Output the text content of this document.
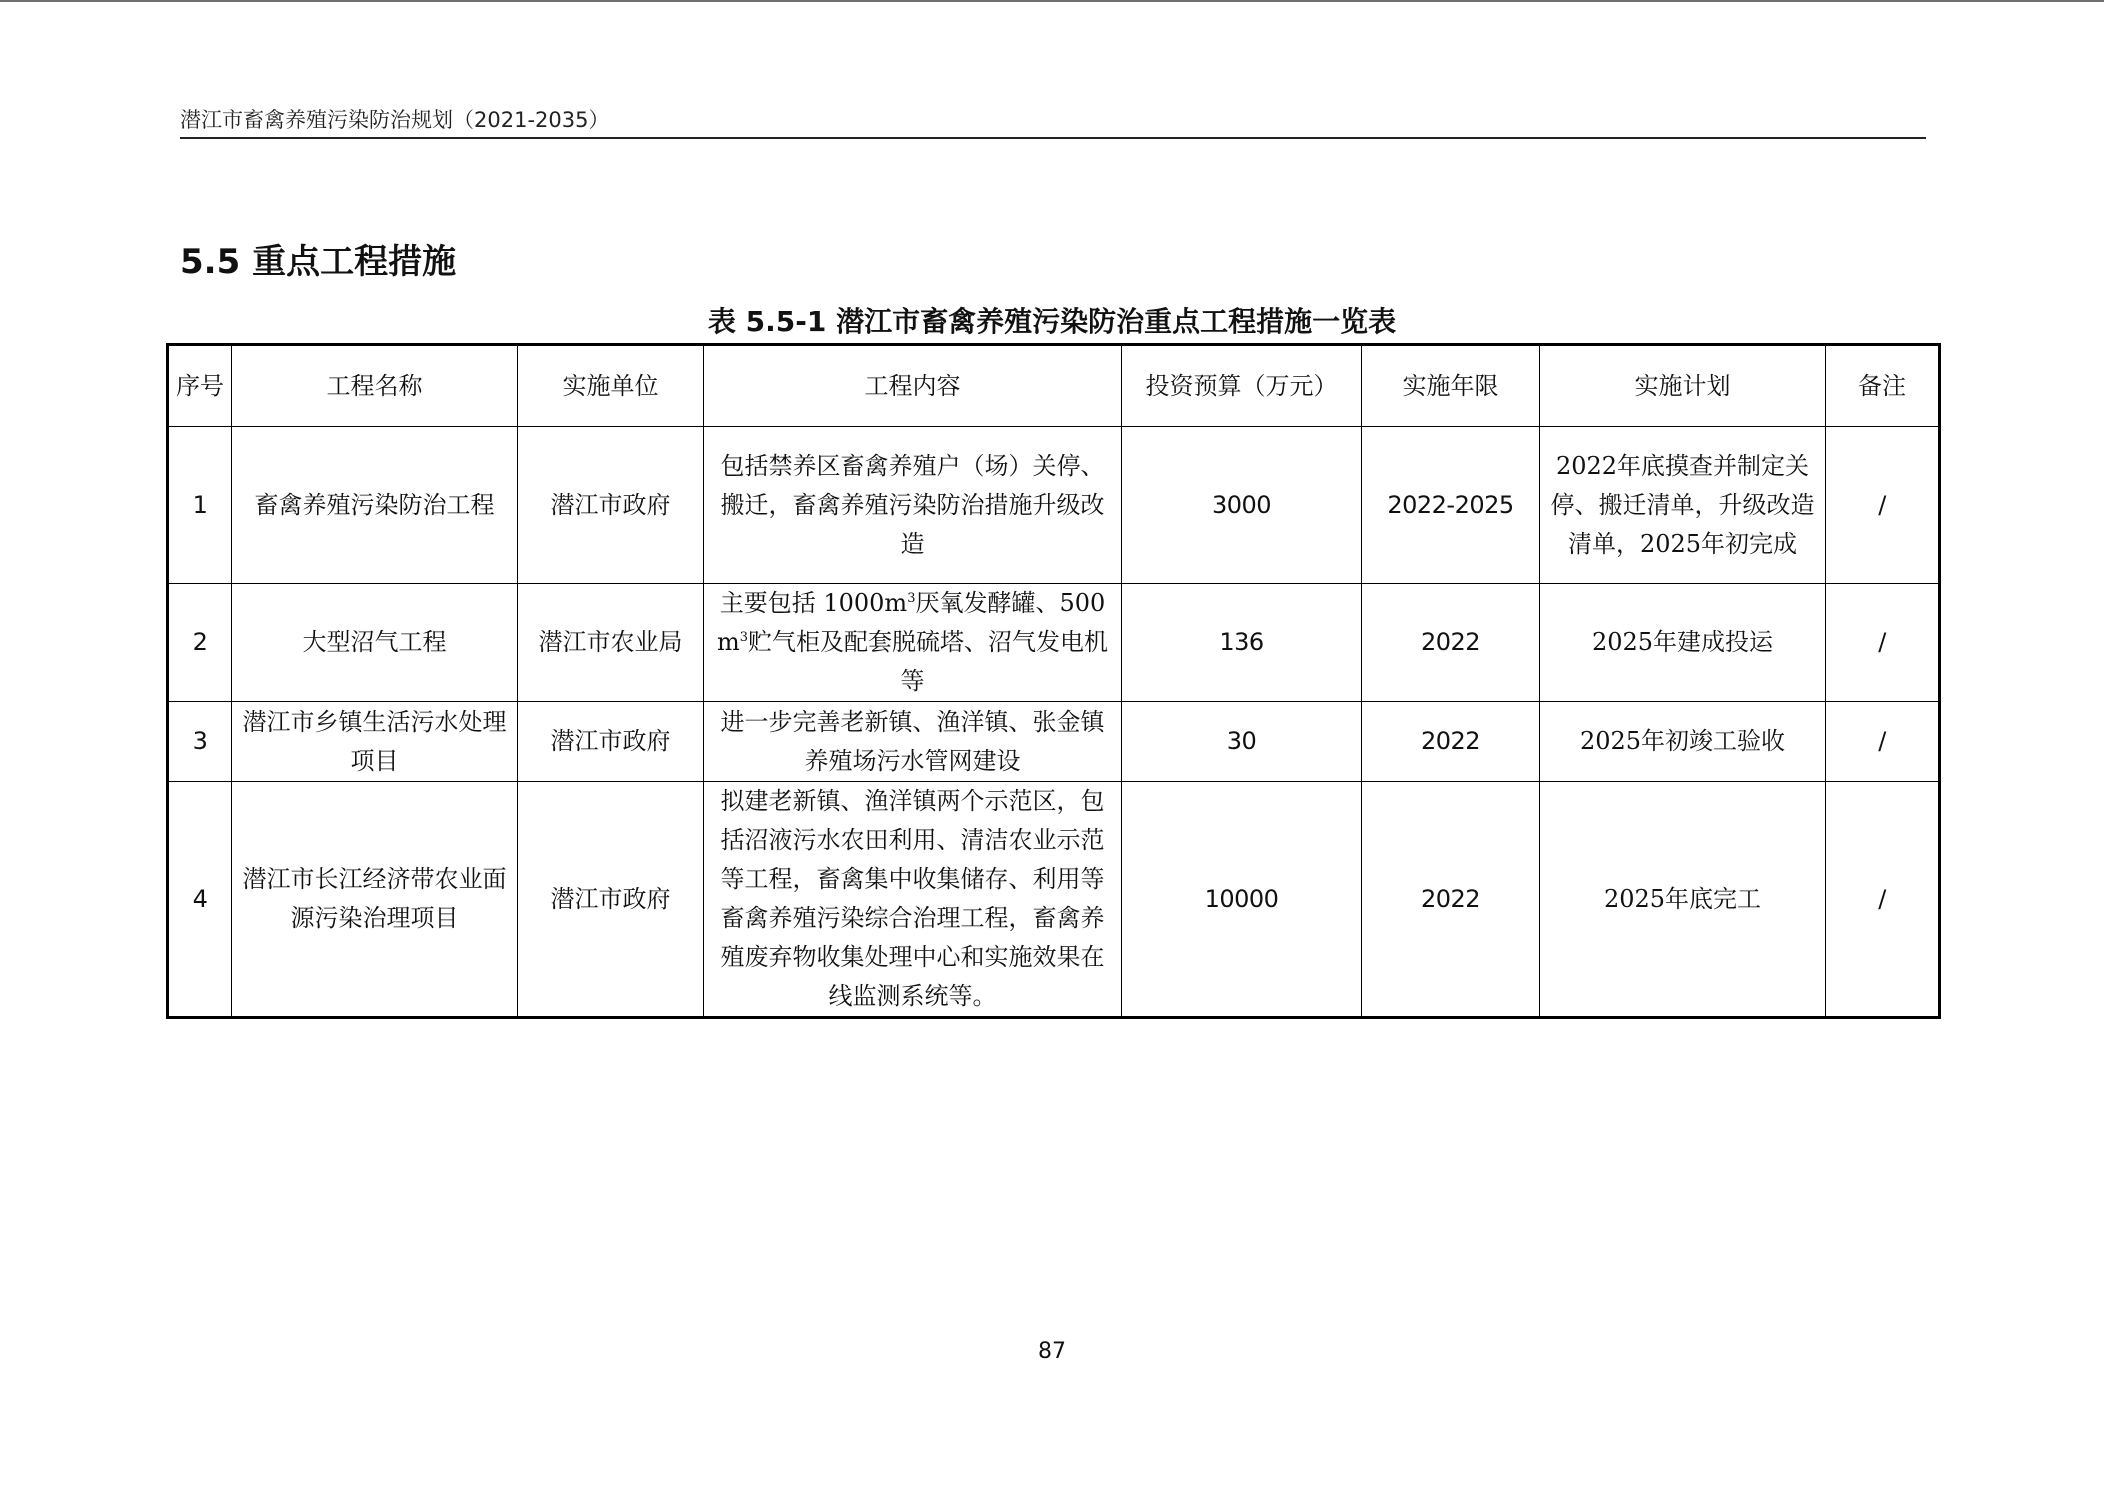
潜江市畜禽养殖污染防治规划（2021-2035）
5.5 重点工程措施
表 5.5-1 潜江市畜禽养殖污染防治重点工程措施一览表
序号	工程名称	实施单位	工程内容	投资预算（万元）	实施年限	实施计划	备注
1	畜禽养殖污染防治工程	潜江市政府	包括禁养区畜禽养殖户（场）关停、搬迁，畜禽养殖污染防治措施升级改造	3000	2022-2025	2022年底摸查并制定关停、搬迁清单，升级改造清单，2025年初完成	/
2	大型沼气工程	潜江市农业局	主要包括 $1000m^3$厌氧发酵罐、$500m^3$贮气柜及配套脱硫塔、沼气发电机等	136	2022	2025年建成投运	/
3	潜江市乡镇生活污水处理项目	潜江市政府	进一步完善老新镇、渔洋镇、张金镇养殖场污水管网建设	30	2022	2025年初竣工验收	/
4	潜江市长江经济带农业面源污染治理项目	潜江市政府	拟建老新镇、渔洋镇两个示范区，包括沼液污水农田利用、清洁农业示范等工程，畜禽集中收集储存、利用等畜禽养殖污染综合治理工程，畜禽养殖废弃物收集处理中心和实施效果在线监测系统等。	10000	2022	2025年底完工	/
87
